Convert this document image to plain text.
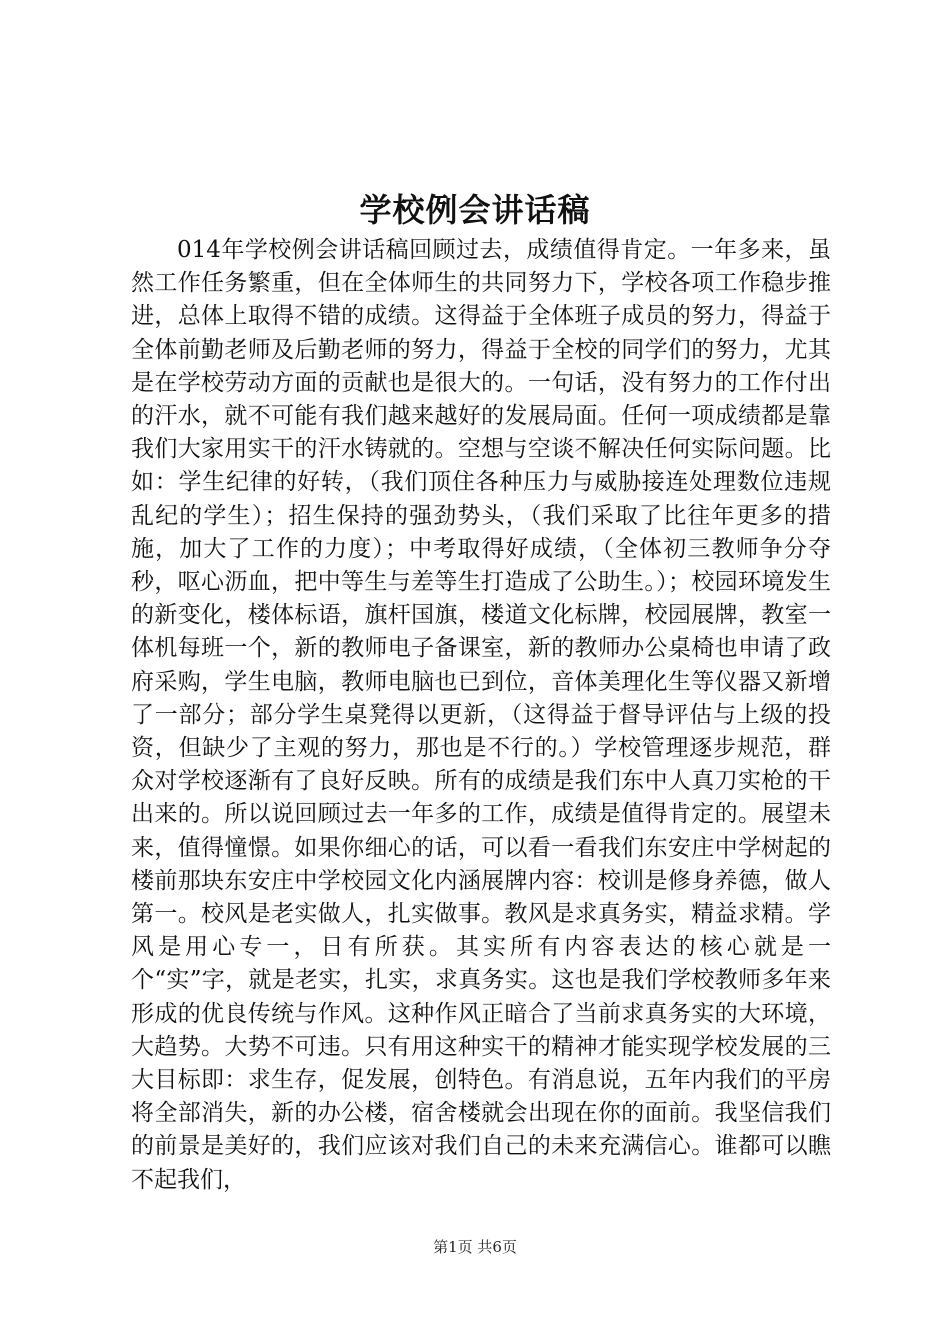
学校例会讲话稿

014年学校例会讲话稿回顾过去，成绩值得肯定。一年多来，虽然工作任务繁重，但在全体师生的共同努力下，学校各项工作稳步推进，总体上取得不错的成绩。这得益于全体班子成员的努力，得益于全体前勤老师及后勤老师的努力，得益于全校的同学们的努力，尤其是在学校劳动方面的贡献也是很大的。一句话，没有努力的工作付出的汗水，就不可能有我们越来越好的发展局面。任何一项成绩都是靠我们大家用实干的汗水铸就的。空想与空谈不解决任何实际问题。比如：学生纪律的好转，（我们顶住各种压力与威胁接连处理数位违规乱纪的学生）；招生保持的强劲势头，（我们采取了比往年更多的措施，加大了工作的力度）；中考取得好成绩，（全体初三教师争分夺秒，呕心沥血，把中等生与差等生打造成了公助生。）；校园环境发生的新变化，楼体标语，旗杆国旗，楼道文化标牌，校园展牌，教室一体机每班一个，新的教师电子备课室，新的教师办公桌椅也申请了政府采购，学生电脑，教师电脑也已到位，音体美理化生等仪器又新增了一部分；部分学生桌凳得以更新，（这得益于督导评估与上级的投资，但缺少了主观的努力，那也是不行的。）学校管理逐步规范，群众对学校逐渐有了良好反映。所有的成绩是我们东中人真刀实枪的干出来的。所以说回顾过去一年多的工作，成绩是值得肯定的。展望未来，值得憧憬。如果你细心的话，可以看一看我们东安庄中学树起的楼前那块东安庄中学校园文化内涵展牌内容：校训是修身养德，做人第一。校风是老实做人，扎实做事。教风是求真务实，精益求精。学风是用心专一，日有所获。其实所有内容表达的核心就是一个“实”字，就是老实，扎实，求真务实。这也是我们学校教师多年来形成的优良传统与作风。这种作风正暗合了当前求真务实的大环境，大趋势。大势不可违。只有用这种实干的精神才能实现学校发展的三大目标即：求生存，促发展，创特色。有消息说，五年内我们的平房将全部消失，新的办公楼，宿舍楼就会出现在你的面前。我坚信我们的前景是美好的，我们应该对我们自己的未来充满信心。谁都可以瞧不起我们，

第1页 共6页
